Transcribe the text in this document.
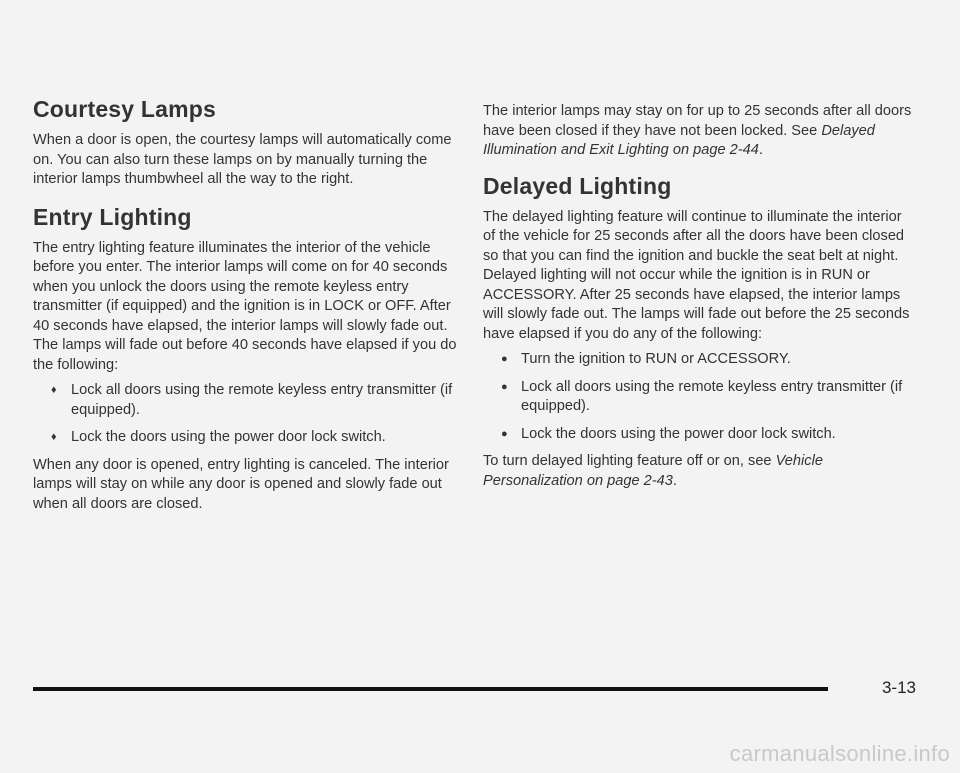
Courtesy Lamps

When a door is open, the courtesy lamps will automatically come on. You can also turn these lamps on by manually turning the interior lamps thumbwheel all the way to the right.

Entry Lighting

The entry lighting feature illuminates the interior of the vehicle before you enter. The interior lamps will come on for 40 seconds when you unlock the doors using the remote keyless entry transmitter (if equipped) and the ignition is in LOCK or OFF. After 40 seconds have elapsed, the interior lamps will slowly fade out. The lamps will fade out before 40 seconds have elapsed if you do the following:

♦ Lock all doors using the remote keyless entry transmitter (if equipped).
♦ Lock the doors using the power door lock switch.

When any door is opened, entry lighting is canceled. The interior lamps will stay on while any door is opened and slowly fade out when all doors are closed.

The interior lamps may stay on for up to 25 seconds after all doors have been closed if they have not been locked. See Delayed Illumination and Exit Lighting on page 2-44.

Delayed Lighting

The delayed lighting feature will continue to illuminate the interior of the vehicle for 25 seconds after all the doors have been closed so that you can find the ignition and buckle the seat belt at night. Delayed lighting will not occur while the ignition is in RUN or ACCESSORY. After 25 seconds have elapsed, the interior lamps will slowly fade out. The lamps will fade out before the 25 seconds have elapsed if you do any of the following:

● Turn the ignition to RUN or ACCESSORY.
● Lock all doors using the remote keyless entry transmitter (if equipped).
● Lock the doors using the power door lock switch.

To turn delayed lighting feature off or on, see Vehicle Personalization on page 2-43.

3-13
carmanualsonline.info
